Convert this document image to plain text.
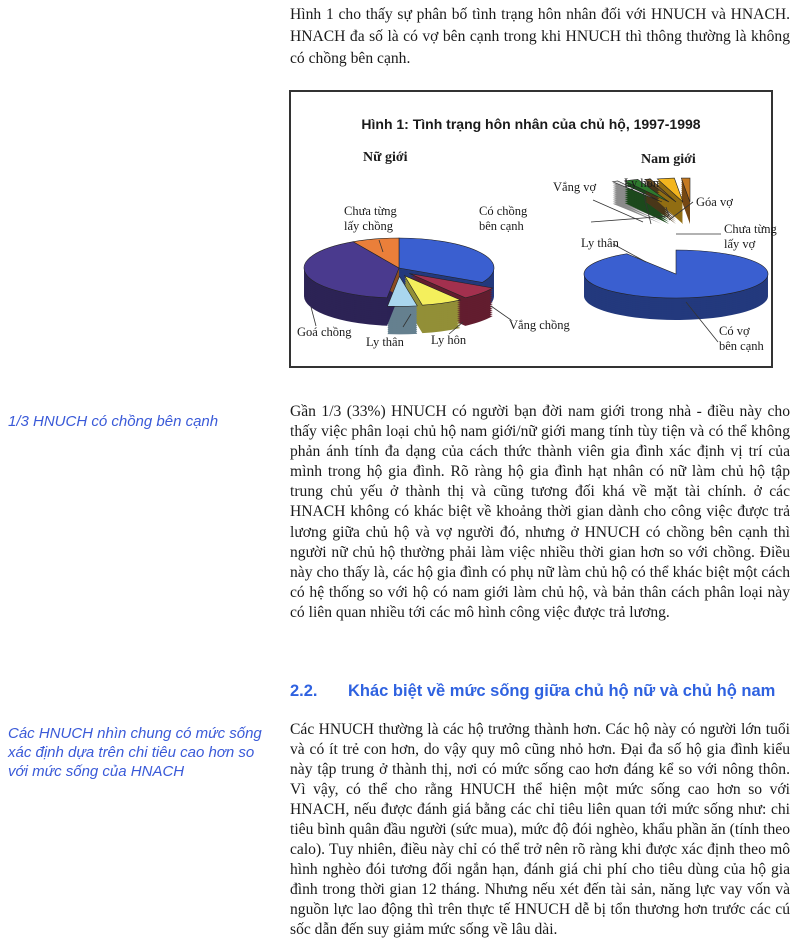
Hình 1 cho thấy sự phân bố tình trạng hôn nhân đối với HNUCH và HNACH. HNACH đa số là có vợ bên cạnh trong khi HNUCH thì thông thường là không có chồng bên cạnh.
Hình 1: Tình trạng hôn nhân của chủ hộ, 1997-1998
Nữ giới	Nam giới
Có chồng
bên cạnh
Vắng chồng
Ly hôn
Ly thân
Goá chồng
Chưa từng
lấy chồng
Có vợ
bên cạnh
Ly thân
Vắng vợ Ly hôn
Góa vợ
Chưa từng
lấy vợ
1/3 HNUCH có chồng bên cạnh
Gần 1/3 (33%) HNUCH có người bạn đời nam giới trong nhà - điều này cho thấy việc phân loại chủ hộ nam giới/nữ giới mang tính tùy tiện và có thể không phản ánh tính đa dạng của cách thức thành viên gia đình xác định vị trí của mình trong hộ gia đình. Rõ ràng hộ gia đình hạt nhân có nữ làm chủ hộ tập trung chủ yếu ở thành thị và cũng tương đối khá về mặt tài chính. ở các HNACH không có khác biệt về khoảng thời gian dành cho công việc được trả lương giữa chủ hộ và vợ người đó, nhưng ở HNUCH có chồng bên cạnh thì người nữ chủ hộ thường phải làm việc nhiều thời gian hơn so với chồng. Điều này cho thấy là, các hộ gia đình có phụ nữ làm chủ hộ có thể khác biệt một cách có hệ thống so với hộ có nam giới làm chủ hộ, và bản thân cách phân loại này có liên quan nhiều tới các mô hình công việc được trả lương.
2.2. Khác biệt về mức sống giữa chủ hộ nữ và chủ hộ nam
Các HNUCH nhìn chung có mức sống xác định dựa trên chi tiêu cao hơn so với mức sống của HNACH
Các HNUCH thường là các hộ trưởng thành hơn. Các hộ này có người lớn tuổi và có ít trẻ con hơn, do vậy quy mô cũng nhỏ hơn. Đại đa số hộ gia đình kiểu này tập trung ở thành thị, nơi có mức sống cao hơn đáng kể so với nông thôn. Vì vậy, có thể cho rằng HNUCH thể hiện một mức sống cao hơn so với HNACH, nếu được đánh giá bằng các chỉ tiêu liên quan tới mức sống như: chi tiêu bình quân đầu người (sức mua), mức độ đói nghèo, khẩu phần ăn (tính theo calo). Tuy nhiên, điều này chỉ có thể trở nên rõ ràng khi được xác định theo mô hình nghèo đói tương đối ngắn hạn, đánh giá chi phí cho tiêu dùng của hộ gia đình trong thời gian 12 tháng. Nhưng nếu xét đến tài sản, năng lực vay vốn và nguồn lực lao động thì trên thực tế HNUCH dễ bị tổn thương hơn trước các cú sốc dẫn đến suy giảm mức sống về lâu dài.
